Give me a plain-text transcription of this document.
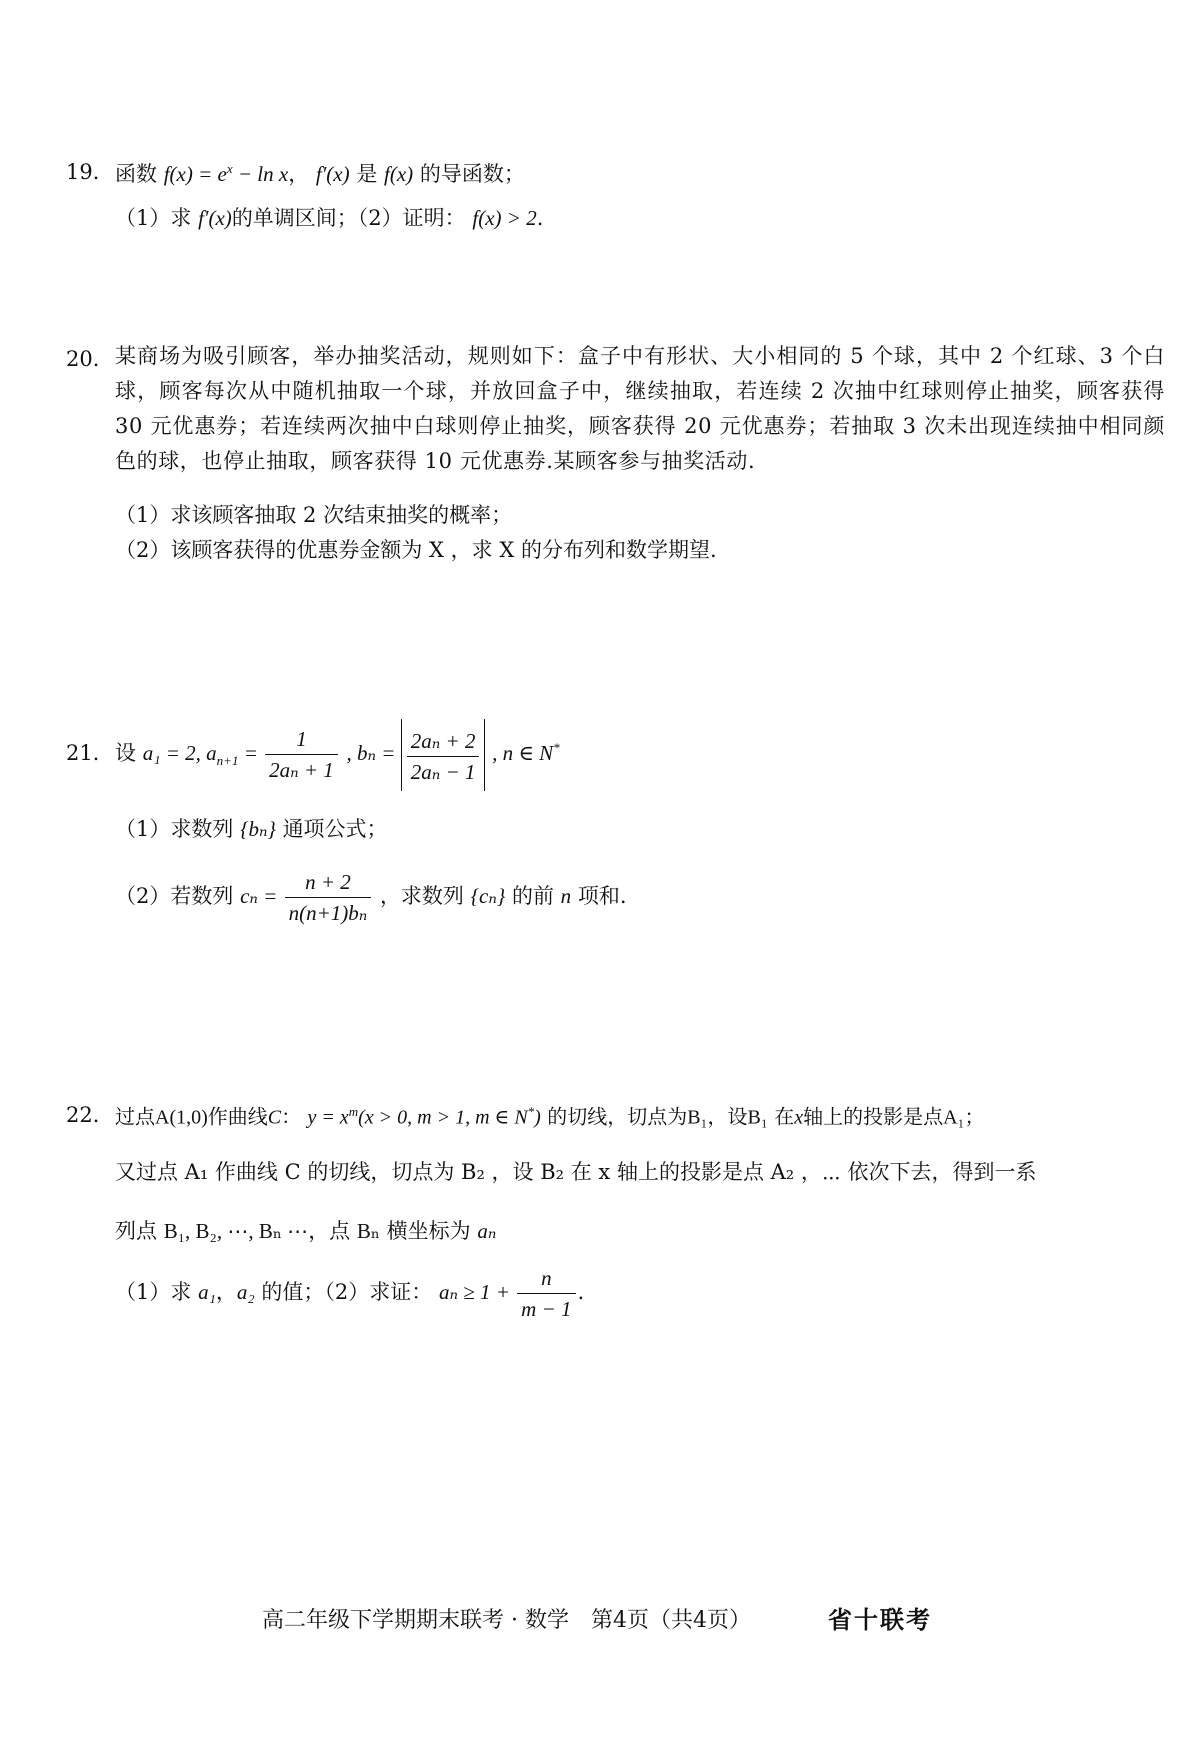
19． 函数 $f(x) = e^x - \ln x$， f′(x) 是 f(x) 的导函数；
（1）求 f′(x)的单调区间；（2）证明： f(x) > 2.
20． 某商场为吸引顾客，举办抽奖活动，规则如下：盒子中有形状、大小相同的 5 个球，其中 2 个红球、3 个白球，顾客每次从中随机抽取一个球，并放回盒子中，继续抽取，若连续 2 次抽中红球则停止抽奖，顾客获得 30 元优惠券；若连续两次抽中白球则停止抽奖，顾客获得 20 元优惠券；若抽取 3 次未出现连续抽中相同颜色的球，也停止抽取，顾客获得 10 元优惠券.某顾客参与抽奖活动.
（1）求该顾客抽取 2 次结束抽奖的概率；
（2）该顾客获得的优惠券金额为 X ，求 X 的分布列和数学期望.
21． 设 a₁ = 2, $a_{n+1} = \frac{1}{\text{2aₙ + 1}}$ , $b_n = \frac{\text{2aₙ + 2}}{\text{2aₙ − 1}}$ , n ∈ N*
（1）求数列 {bₙ} 通项公式；
（2）若数列 $c_n = \frac{n + 2}{\text{n(n+1)bₙ}}$ ，求数列 {cₙ} 的前 n 项和.
22． 过点A(1,0)作曲线C： $y = x^m(x > 0$, m > 1, m ∈ N*) 的切线，切点为B₁，设B₁ 在x轴上的投影是点A₁；
又过点 A₁ 作曲线 C 的切线，切点为 B₂ ，设 B₂ 在 x 轴上的投影是点 A₂ ，⋯ 依次下去，得到一系
列点 B₁, B₂, ⋯, Bₙ ⋯，点 Bₙ 横坐标为 aₙ
（1）求 a₁，a₂ 的值；（2）求证： $a_n \ge 1 + \frac{n}{m - 1}$ .
高二年级下学期期末联考 · 数学　第4页（共4页）	省十联考
